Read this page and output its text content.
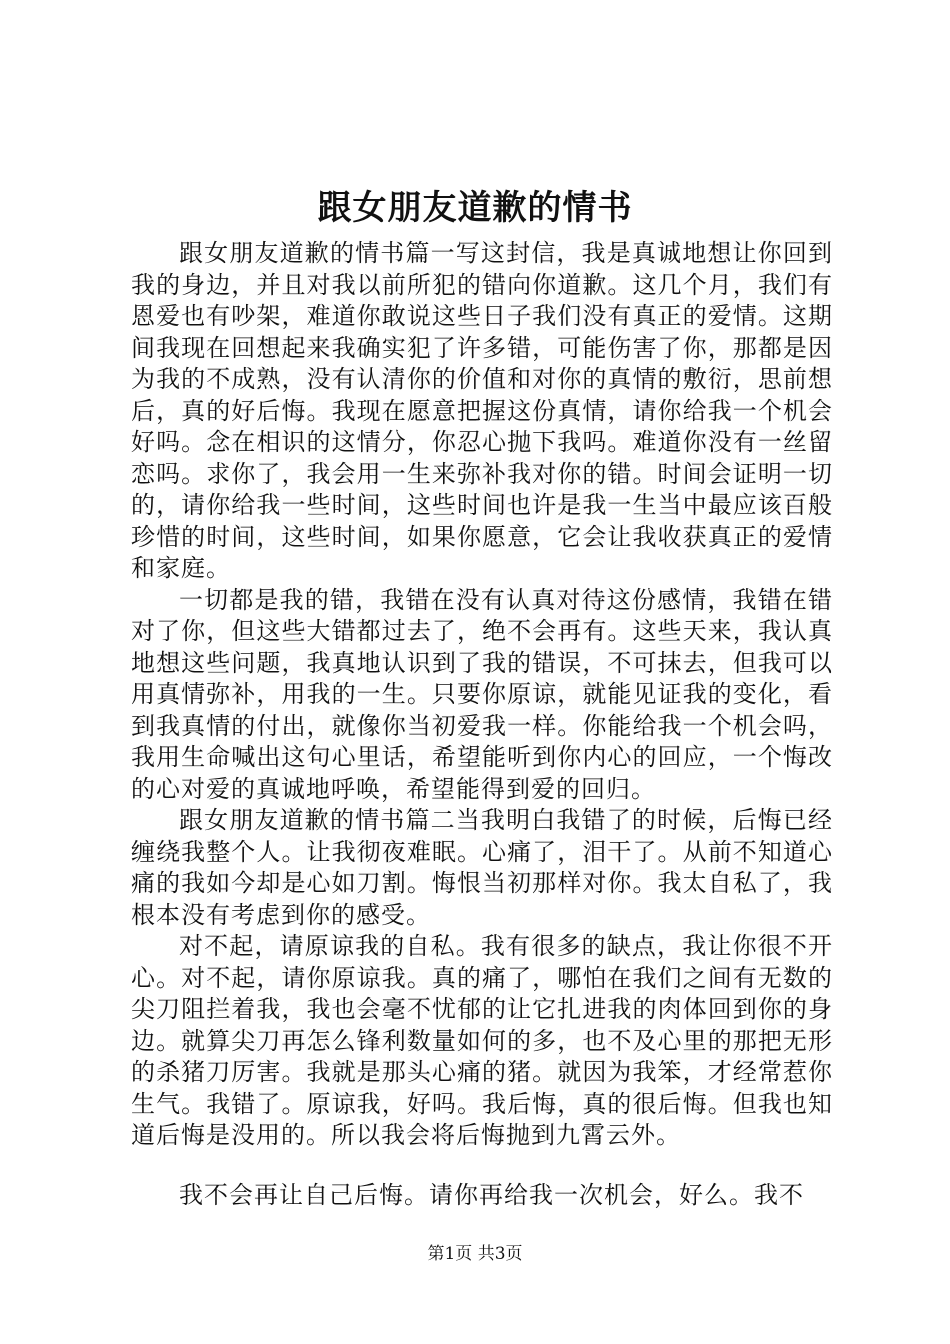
跟女朋友道歉的情书

跟女朋友道歉的情书篇一写这封信，我是真诚地想让你回到我的身边，并且对我以前所犯的错向你道歉。这几个月，我们有恩爱也有吵架，难道你敢说这些日子我们没有真正的爱情。这期间我现在回想起来我确实犯了许多错，可能伤害了你，那都是因为我的不成熟，没有认清你的价值和对你的真情的敷衍，思前想后，真的好后悔。我现在愿意把握这份真情，请你给我一个机会好吗。念在相识的这情分，你忍心抛下我吗。难道你没有一丝留恋吗。求你了，我会用一生来弥补我对你的错。时间会证明一切的，请你给我一些时间，这些时间也许是我一生当中最应该百般珍惜的时间，这些时间，如果你愿意，它会让我收获真正的爱情和家庭。

一切都是我的错，我错在没有认真对待这份感情，我错在错对了你，但这些大错都过去了，绝不会再有。这些天来，我认真地想这些问题，我真地认识到了我的错误，不可抹去，但我可以用真情弥补，用我的一生。只要你原谅，就能见证我的变化，看到我真情的付出，就像你当初爱我一样。你能给我一个机会吗，我用生命喊出这句心里话，希望能听到你内心的回应，一个悔改的心对爱的真诚地呼唤，希望能得到爱的回归。

跟女朋友道歉的情书篇二当我明白我错了的时候，后悔已经缠绕我整个人。让我彻夜难眠。心痛了，泪干了。从前不知道心痛的我如今却是心如刀割。悔恨当初那样对你。我太自私了，我根本没有考虑到你的感受。

对不起，请原谅我的自私。我有很多的缺点，我让你很不开心。对不起，请你原谅我。真的痛了，哪怕在我们之间有无数的尖刀阻拦着我，我也会毫不忧郁的让它扎进我的肉体回到你的身边。就算尖刀再怎么锋利数量如何的多，也不及心里的那把无形的杀猪刀厉害。我就是那头心痛的猪。就因为我笨，才经常惹你生气。我错了。原谅我，好吗。我后悔，真的很后悔。但我也知道后悔是没用的。所以我会将后悔抛到九霄云外。

我不会再让自己后悔。请你再给我一次机会，好么。我不

第1页 共3页
